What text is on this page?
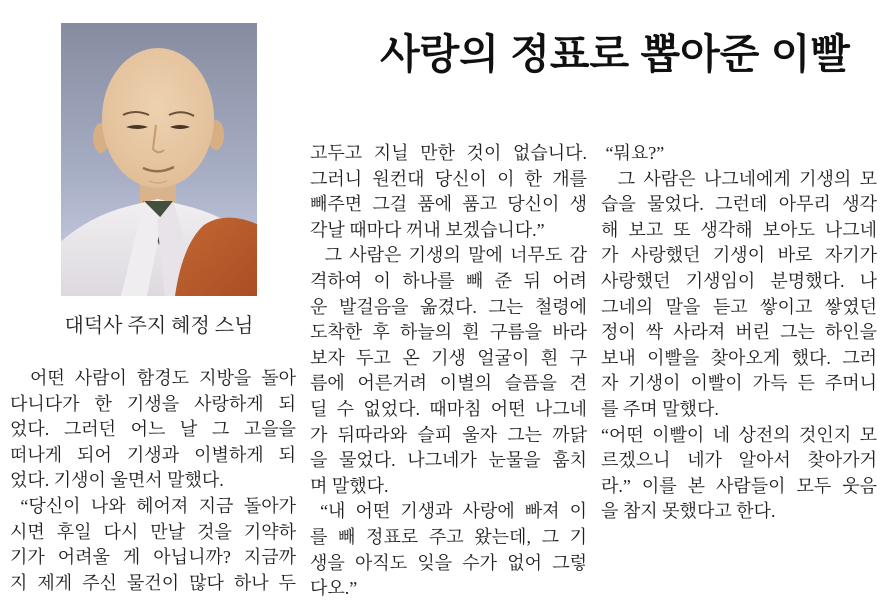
사랑의 정표로 뽑아준 이빨
대덕사 주지 혜정 스님
어떤 사람이 함경도 지방을 돌아
다니다가 한 기생을 사랑하게 되
었다. 그러던 어느 날 그 고을을
떠나게 되어 기생과 이별하게 되
었다. 기생이 울면서 말했다.
“당신이 나와 헤어져 지금 돌아가
시면 후일 다시 만날 것을 기약하
기가 어려울 게 아닙니까? 지금까
지 제게 주신 물건이 많다 하나 두
고두고 지닐 만한 것이 없습니다.
그러니 원컨대 당신이 이 한 개를
빼주면 그걸 품에 품고 당신이 생
각날 때마다 꺼내 보겠습니다.”
그 사람은 기생의 말에 너무도 감
격하여 이 하나를 빼 준 뒤 어려
운 발걸음을 옮겼다. 그는 철령에
도착한 후 하늘의 흰 구름을 바라
보자 두고 온 기생 얼굴이 흰 구
름에 어른거려 이별의 슬픔을 견
딜 수 없었다. 때마침 어떤 나그네
가 뒤따라와 슬피 울자 그는 까닭
을 물었다. 나그네가 눈물을 훔치
며 말했다.
“내 어떤 기생과 사랑에 빠져 이
를 빼 정표로 주고 왔는데, 그 기
생을 아직도 잊을 수가 없어 그렇
다오.”
“뭐요?”
그 사람은 나그네에게 기생의 모
습을 물었다. 그런데 아무리 생각
해 보고 또 생각해 보아도 나그네
가 사랑했던 기생이 바로 자기가
사랑했던 기생임이 분명했다. 나
그네의 말을 듣고 쌓이고 쌓였던
정이 싹 사라져 버린 그는 하인을
보내 이빨을 찾아오게 했다. 그러
자 기생이 이빨이 가득 든 주머니
를 주며 말했다.
“어떤 이빨이 네 상전의 것인지 모
르겠으니 네가 알아서 찾아가거
라.” 이를 본 사람들이 모두 웃음
을 참지 못했다고 한다.
